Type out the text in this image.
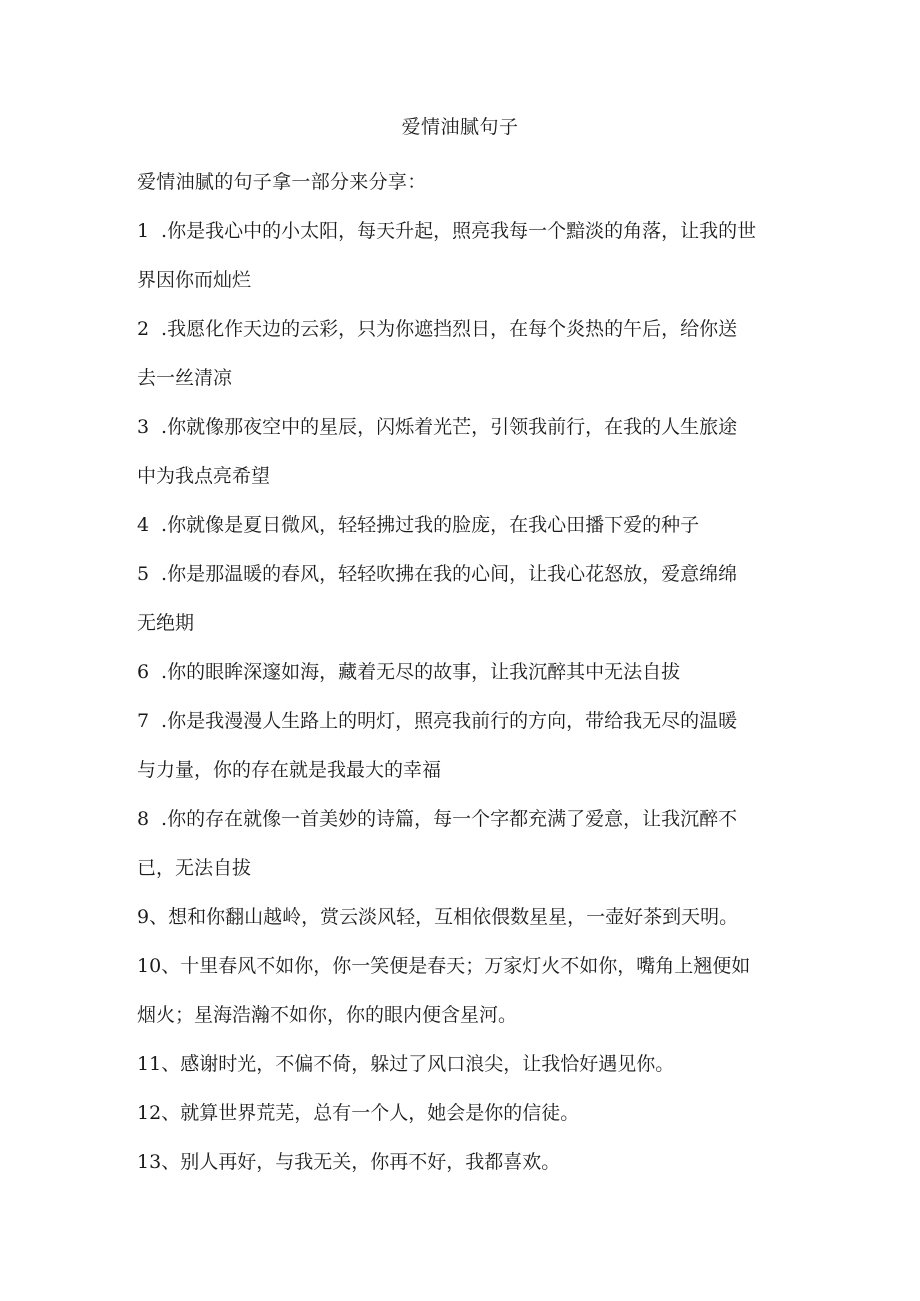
爱情油腻句子
爱情油腻的句子拿一部分来分享：
1 .你是我心中的小太阳，每天升起，照亮我每一个黯淡的角落，让我的世
界因你而灿烂
2 .我愿化作天边的云彩，只为你遮挡烈日，在每个炎热的午后，给你送
去一丝清凉
3 .你就像那夜空中的星辰，闪烁着光芒，引领我前行，在我的人生旅途
中为我点亮希望
4 .你就像是夏日微风，轻轻拂过我的脸庞，在我心田播下爱的种子
5 .你是那温暖的春风，轻轻吹拂在我的心间，让我心花怒放，爱意绵绵
无绝期
6 .你的眼眸深邃如海，藏着无尽的故事，让我沉醉其中无法自拔
7 .你是我漫漫人生路上的明灯，照亮我前行的方向，带给我无尽的温暖
与力量，你的存在就是我最大的幸福
8 .你的存在就像一首美妙的诗篇，每一个字都充满了爱意，让我沉醉不
已，无法自拔
9、想和你翻山越岭，赏云淡风轻，互相依偎数星星，一壶好茶到天明。
10、十里春风不如你，你一笑便是春天；万家灯火不如你，嘴角上翘便如
烟火；星海浩瀚不如你，你的眼内便含星河。
11、感谢时光，不偏不倚，躲过了风口浪尖，让我恰好遇见你。
12、就算世界荒芜，总有一个人，她会是你的信徒。
13、别人再好，与我无关，你再不好，我都喜欢。
